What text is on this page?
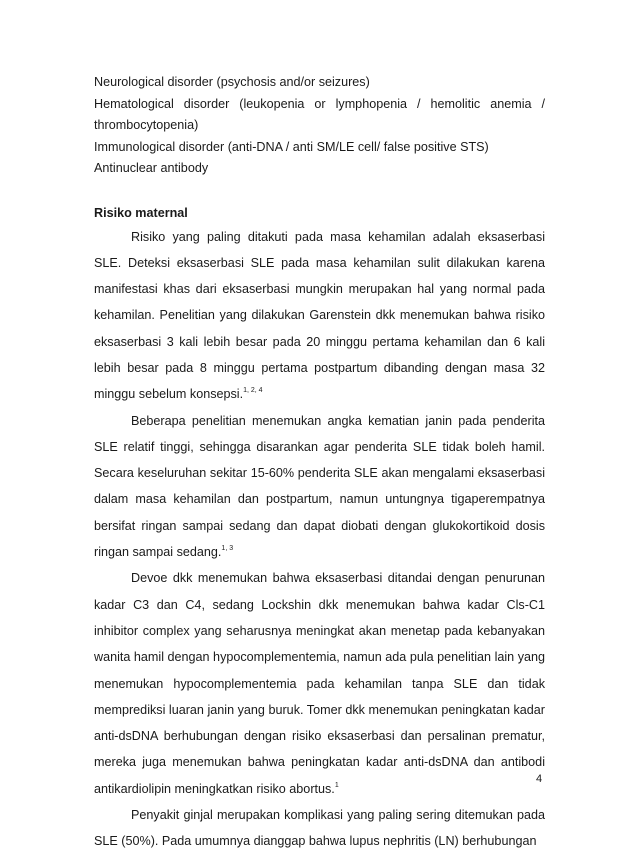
Neurological disorder (psychosis and/or seizures)

Hematological disorder (leukopenia or lymphopenia / hemolitic anemia / thrombocytopenia)

Immunological disorder (anti-DNA / anti SM/LE cell/ false positive STS)

Antinuclear antibody

Risiko maternal

Risiko yang paling ditakuti pada masa kehamilan adalah eksaserbasi SLE. Deteksi eksaserbasi SLE pada masa kehamilan sulit dilakukan karena manifestasi khas dari eksaserbasi mungkin merupakan hal yang normal pada kehamilan. Penelitian yang dilakukan Garenstein dkk menemukan bahwa risiko eksaserbasi 3 kali lebih besar pada 20 minggu pertama kehamilan dan 6 kali lebih besar pada 8 minggu pertama postpartum dibanding dengan masa 32 minggu sebelum konsepsi.$^{1, 2, 4}$

Beberapa penelitian menemukan angka kematian janin pada penderita SLE relatif tinggi, sehingga disarankan agar penderita SLE tidak boleh hamil. Secara keseluruhan sekitar 15-60% penderita SLE akan mengalami eksaserbasi dalam masa kehamilan dan postpartum, namun untungnya tigaperempatnya bersifat ringan sampai sedang dan dapat diobati dengan glukokortikoid dosis ringan sampai sedang.$^{1, 3}$

Devoe dkk menemukan bahwa eksaserbasi ditandai dengan penurunan kadar C3 dan C4, sedang Lockshin dkk menemukan bahwa kadar Cls-C1 inhibitor complex yang seharusnya meningkat akan menetap pada kebanyakan wanita hamil dengan hypocomplementemia, namun ada pula penelitian lain yang menemukan hypocomplementemia pada kehamilan tanpa SLE dan tidak memprediksi luaran janin yang buruk. Tomer dkk menemukan peningkatan kadar anti-dsDNA berhubungan dengan risiko eksaserbasi dan persalinan prematur, mereka juga menemukan bahwa peningkatan kadar anti-dsDNA dan antibodi antikardiolipin meningkatkan risiko abortus.$^1$

Penyakit ginjal merupakan komplikasi yang paling sering ditemukan pada SLE (50%). Pada umumnya dianggap bahwa lupus nephritis (LN) berhubungan

4
